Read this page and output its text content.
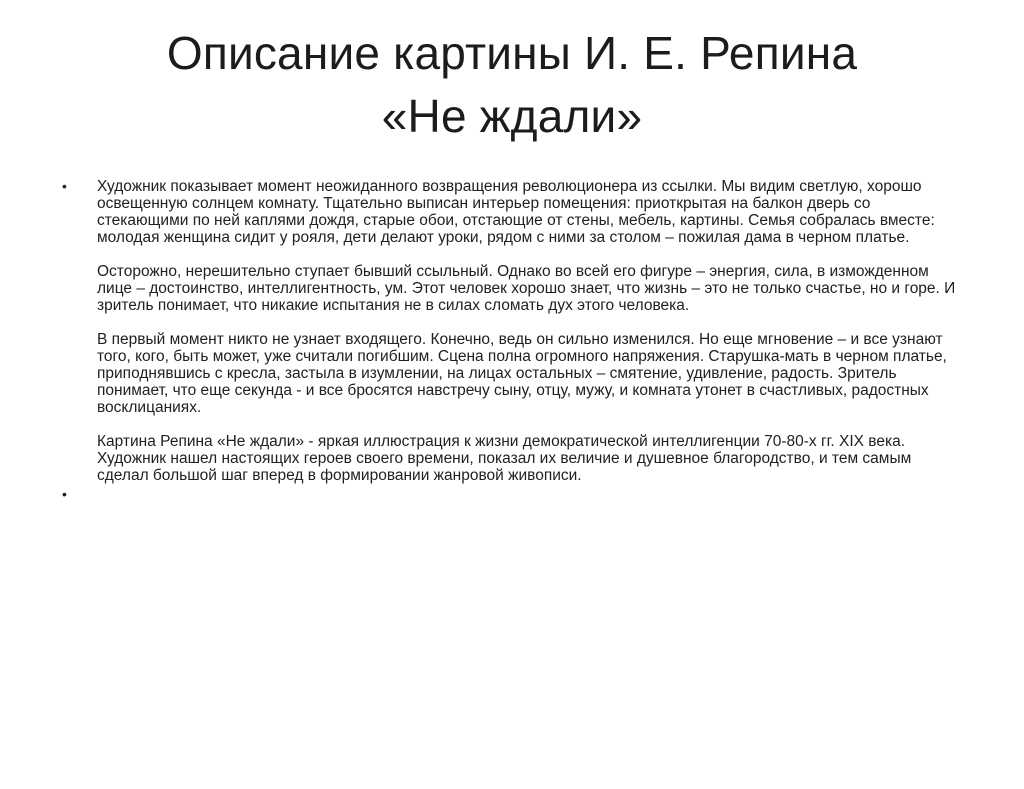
Описание картины И. Е. Репина
«Не ждали»
•	Художник показывает момент неожиданного возвращения революционера из ссылки. Мы видим светлую, хорошо освещенную солнцем комнату. Тщательно выписан интерьер помещения: приоткрытая на балкон дверь со стекающими по ней каплями дождя, старые обои, отстающие от стены, мебель, картины. Семья собралась вместе: молодая женщина сидит у рояля, дети делают уроки, рядом с ними за столом – пожилая дама в черном платье.

Осторожно, нерешительно ступает бывший ссыльный. Однако во всей его фигуре – энергия, сила, в изможденном лице – достоинство, интеллигентность, ум. Этот человек хорошо знает, что жизнь – это не только счастье, но и горе. И зритель понимает, что никакие испытания не в силах сломать дух этого человека.

В первый момент никто не узнает входящего. Конечно, ведь он сильно изменился. Но еще мгновение – и все узнают того, кого, быть может, уже считали погибшим. Сцена полна огромного напряжения. Старушка-мать в черном платье, приподнявшись с кресла, застыла в изумлении, на лицах остальных – смятение, удивление, радость. Зритель понимает, что еще секунда - и все бросятся навстречу сыну, отцу, мужу, и комната утонет в счастливых, радостных восклицаниях.

Картина Репина «Не ждали» - яркая иллюстрация к жизни демократической интеллигенции 70-80-х гг. XIX века. Художник нашел настоящих героев своего времени, показал их величие и душевное благородство, и тем самым сделал большой шаг вперед в формировании жанровой живописи.

•
